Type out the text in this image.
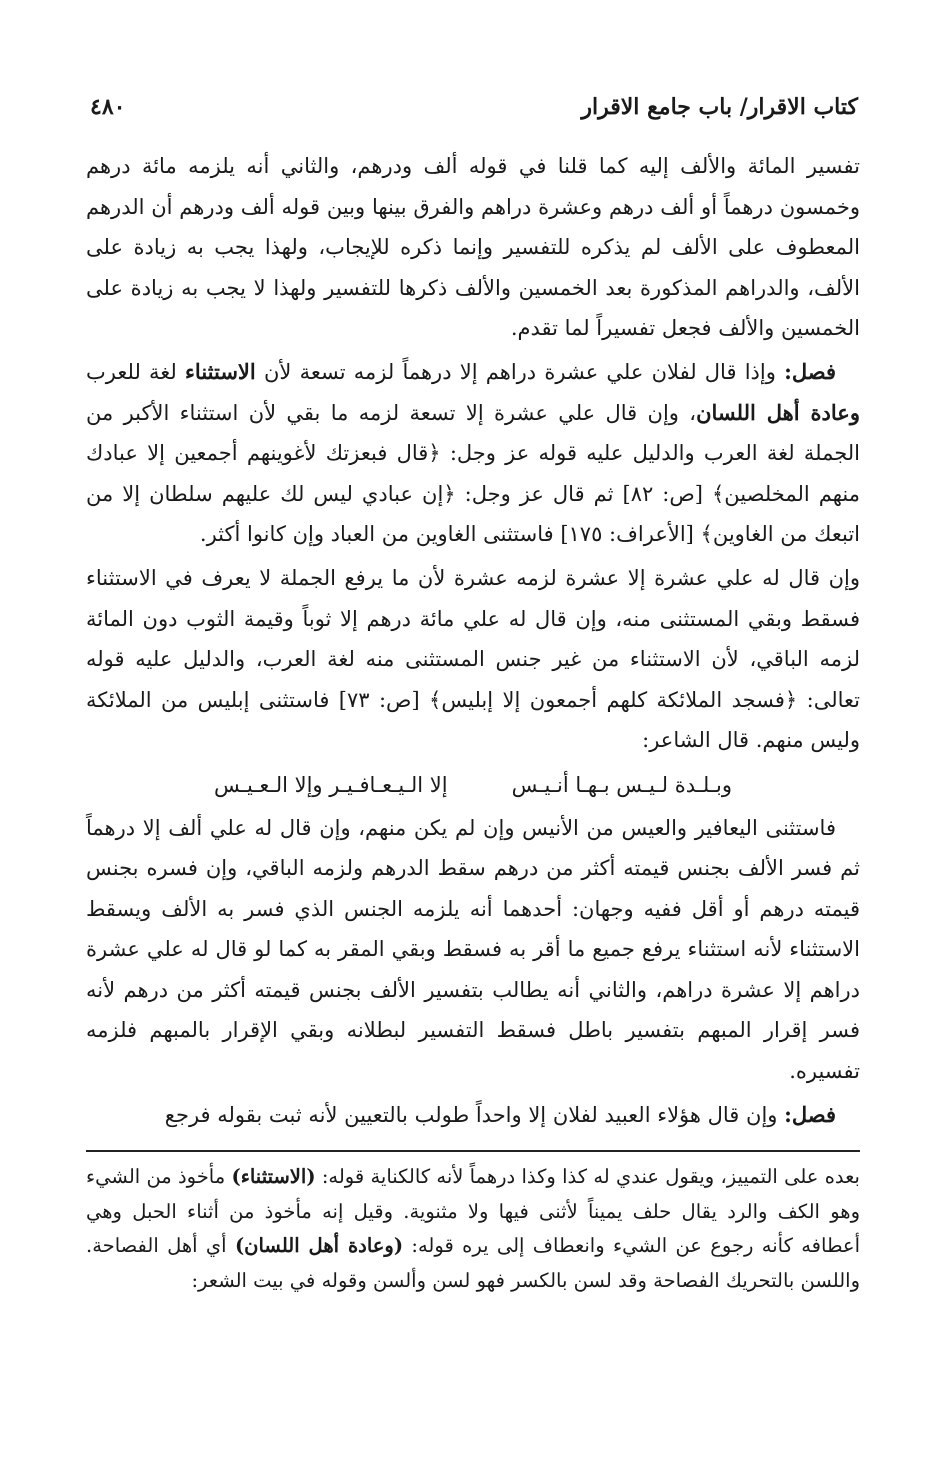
كتاب الاقرار/ باب جامع الاقرار
٤٨٠

تفسير المائة والألف إليه كما قلنا في قوله ألف ودرهم، والثاني أنه يلزمه مائة درهم وخمسون درهماً أو ألف درهم وعشرة دراهم والفرق بينها وبين قوله ألف ودرهم أن الدرهم المعطوف على الألف لم يذكره للتفسير وإنما ذكره للإيجاب، ولهذا يجب به زيادة على الألف، والدراهم المذكورة بعد الخمسين والألف ذكرها للتفسير ولهذا لا يجب به زيادة على الخمسين والألف فجعل تفسيراً لما تقدم.

فصل: وإذا قال لفلان علي عشرة دراهم إلا درهماً لزمه تسعة لأن الاستثناء لغة للعرب وعادة أهل اللسان، وإن قال علي عشرة إلا تسعة لزمه ما بقي لأن استثناء الأكبر من الجملة لغة العرب والدليل عليه قوله عز وجل: ﴿قال فبعزتك لأغوينهم أجمعين إلا عبادك منهم المخلصين﴾ [ص: ٨٢] ثم قال عز وجل: ﴿إن عبادي ليس لك عليهم سلطان إلا من اتبعك من الغاوين﴾ [الأعراف: ١٧٥] فاستثنى الغاوين من العباد وإن كانوا أكثر.

وإن قال له علي عشرة إلا عشرة لزمه عشرة لأن ما يرفع الجملة لا يعرف في الاستثناء فسقط وبقي المستثنى منه، وإن قال له علي مائة درهم إلا ثوباً وقيمة الثوب دون المائة لزمه الباقي، لأن الاستثناء من غير جنس المستثنى منه لغة العرب، والدليل عليه قوله تعالى: ﴿فسجد الملائكة كلهم أجمعون إلا إبليس﴾ [ص: ٧٣] فاستثنى إبليس من الملائكة وليس منهم. قال الشاعر:

وبـلـدة لـيـس بـهـا أنـيـس
إلا الـيـعـافـيـر وإلا الـعـيـس

فاستثنى اليعافير والعيس من الأنيس وإن لم يكن منهم، وإن قال له علي ألف إلا درهماً ثم فسر الألف بجنس قيمته أكثر من درهم سقط الدرهم ولزمه الباقي، وإن فسره بجنس قيمته درهم أو أقل ففيه وجهان: أحدهما أنه يلزمه الجنس الذي فسر به الألف ويسقط الاستثناء لأنه استثناء يرفع جميع ما أقر به فسقط وبقي المقر به كما لو قال له علي عشرة دراهم إلا عشرة دراهم، والثاني أنه يطالب بتفسير الألف بجنس قيمته أكثر من درهم لأنه فسر إقرار المبهم بتفسير باطل فسقط التفسير لبطلانه وبقي الإقرار بالمبهم فلزمه تفسيره.

فصل: وإن قال هؤلاء العبيد لفلان إلا واحداً طولب بالتعيين لأنه ثبت بقوله فرجع

بعده على التمييز، ويقول عندي له كذا وكذا درهماً لأنه كالكناية قوله: (الاستثناء) مأخوذ من الشيء وهو الكف والرد يقال حلف يميناً لأثنى فيها ولا مثنوية. وقيل إنه مأخوذ من أثناء الحبل وهي أعطافه كأنه رجوع عن الشيء وانعطاف إلى يره قوله: (وعادة أهل اللسان) أي أهل الفصاحة. واللسن بالتحريك الفصاحة وقد لسن بالكسر فهو لسن وألسن وقوله في بيت الشعر:
